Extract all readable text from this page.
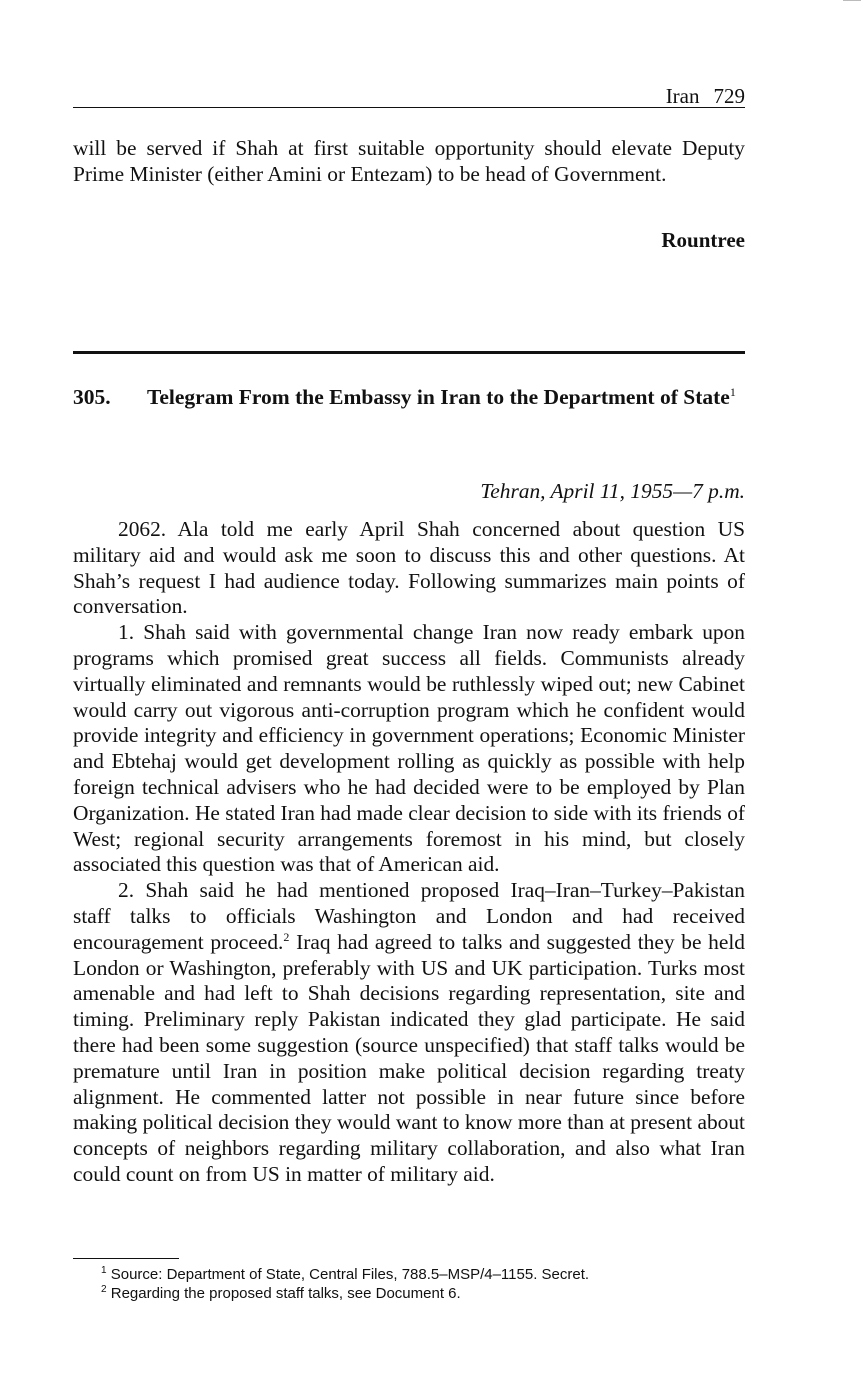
Iran 729

will be served if Shah at first suitable opportunity should elevate Deputy Prime Minister (either Amini or Entezam) to be head of Government.

Rountree
305. Telegram From the Embassy in Iran to the Department of State$^1$
Tehran, April 11, 1955—7 p.m.

2062. Ala told me early April Shah concerned about question US military aid and would ask me soon to discuss this and other questions. At Shah’s request I had audience today. Following summarizes main points of conversation.

1. Shah said with governmental change Iran now ready embark upon programs which promised great success all fields. Communists already virtually eliminated and remnants would be ruthlessly wiped out; new Cabinet would carry out vigorous anti-corruption program which he confident would provide integrity and efficiency in government operations; Economic Minister and Ebtehaj would get development rolling as quickly as possible with help foreign technical advisers who he had decided were to be employed by Plan Organization. He stated Iran had made clear decision to side with its friends of West; regional security arrangements foremost in his mind, but closely associated this question was that of American aid.

2. Shah said he had mentioned proposed Iraq–Iran–Turkey–Pakistan staff talks to officials Washington and London and had received encouragement proceed.$^2$ Iraq had agreed to talks and suggested they be held London or Washington, preferably with US and UK participation. Turks most amenable and had left to Shah decisions regarding representation, site and timing. Preliminary reply Pakistan indicated they glad participate. He said there had been some suggestion (source unspecified) that staff talks would be premature until Iran in position make political decision regarding treaty alignment. He commented latter not possible in near future since before making political decision they would want to know more than at present about concepts of neighbors regarding military collaboration, and also what Iran could count on from US in matter of military aid.

$^1$ Source: Department of State, Central Files, 788.5–MSP/4–1155. Secret.
$^2$ Regarding the proposed staff talks, see Document 6.
